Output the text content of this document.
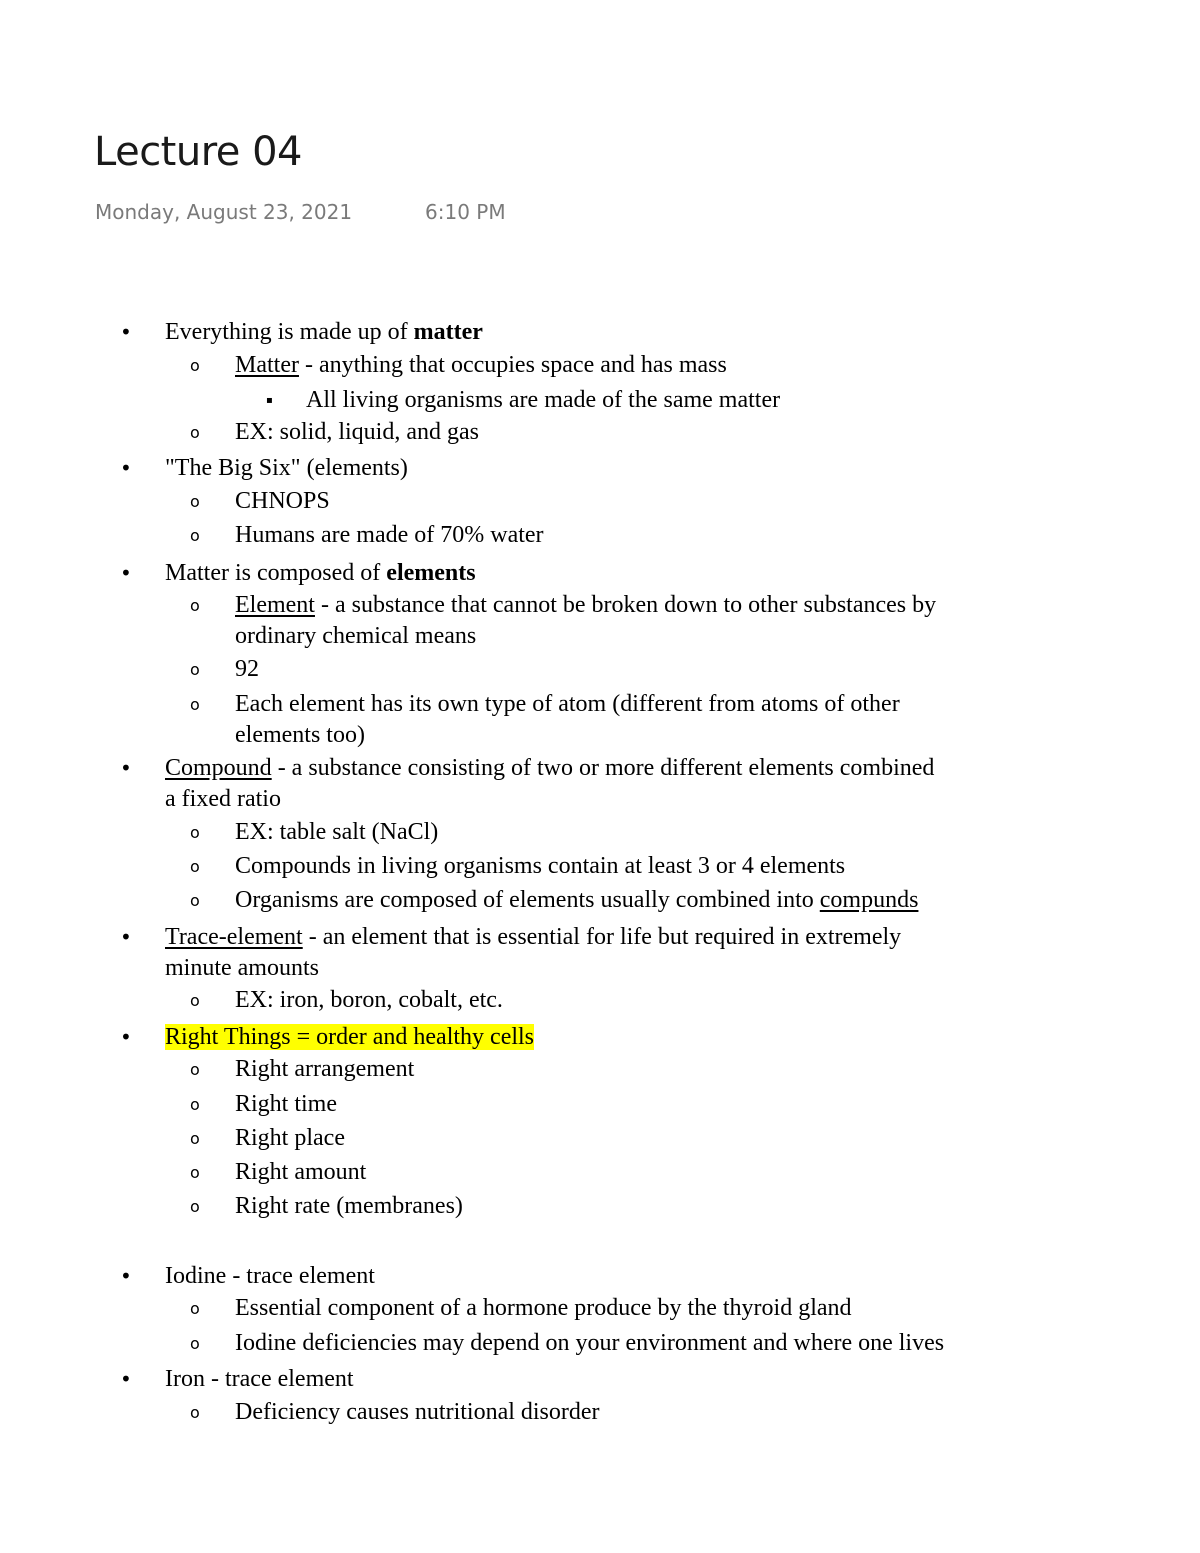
Lecture 04
Monday, August 23, 2021	6:10 PM
• Everything is made up of matter
o Matter - anything that occupies space and has mass
▪ All living organisms are made of the same matter
o EX: solid, liquid, and gas
• "The Big Six" (elements)
o CHNOPS
o Humans are made of 70% water
• Matter is composed of elements
o Element - a substance that cannot be broken down to other substances by
ordinary chemical means
o 92
o Each element has its own type of atom (different from atoms of other
elements too)
• Compound - a substance consisting of two or more different elements combined
a fixed ratio
o EX: table salt (NaCl)
o Compounds in living organisms contain at least 3 or 4 elements
o Organisms are composed of elements usually combined into compunds
• Trace-element - an element that is essential for life but required in extremely
minute amounts
o EX: iron, boron, cobalt, etc.
• Right Things = order and healthy cells
o Right arrangement
o Right time
o Right place
o Right amount
o Right rate (membranes)
• Iodine - trace element
o Essential component of a hormone produce by the thyroid gland
o Iodine deficiencies may depend on your environment and where one lives
• Iron - trace element
o Deficiency causes nutritional disorder
